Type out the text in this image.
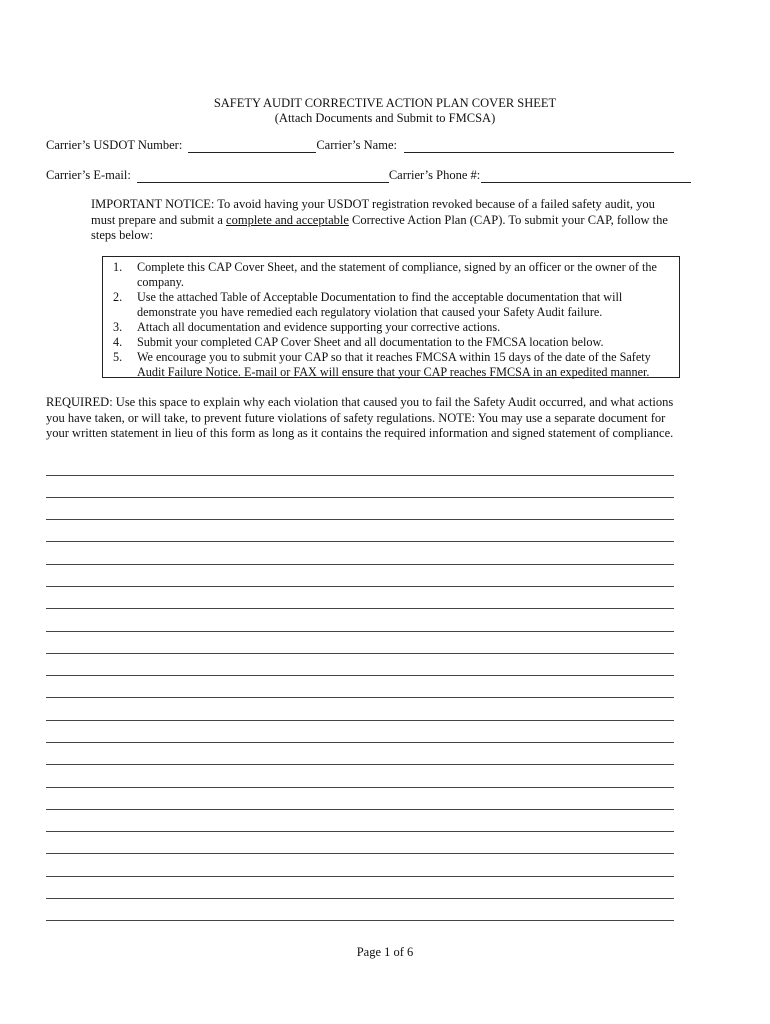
SAFETY AUDIT CORRECTIVE ACTION PLAN COVER SHEET
(Attach Documents and Submit to FMCSA)
Carrier’s USDOT Number:	Carrier’s Name:
Carrier’s E-mail:	Carrier’s Phone #:
IMPORTANT NOTICE: To avoid having your USDOT registration revoked because of a failed safety audit, you must prepare and submit a complete and acceptable Corrective Action Plan (CAP). To submit your CAP, follow the steps below:
1. Complete this CAP Cover Sheet, and the statement of compliance, signed by an officer or the owner of the company.
2. Use the attached Table of Acceptable Documentation to find the acceptable documentation that will demonstrate you have remedied each regulatory violation that caused your Safety Audit failure.
3. Attach all documentation and evidence supporting your corrective actions.
4. Submit your completed CAP Cover Sheet and all documentation to the FMCSA location below.
5. We encourage you to submit your CAP so that it reaches FMCSA within 15 days of the date of the Safety Audit Failure Notice. E-mail or FAX will ensure that your CAP reaches FMCSA in an expedited manner.
REQUIRED: Use this space to explain why each violation that caused you to fail the Safety Audit occurred, and what actions you have taken, or will take, to prevent future violations of safety regulations. NOTE: You may use a separate document for your written statement in lieu of this form as long as it contains the required information and signed statement of compliance.
Page 1 of 6
